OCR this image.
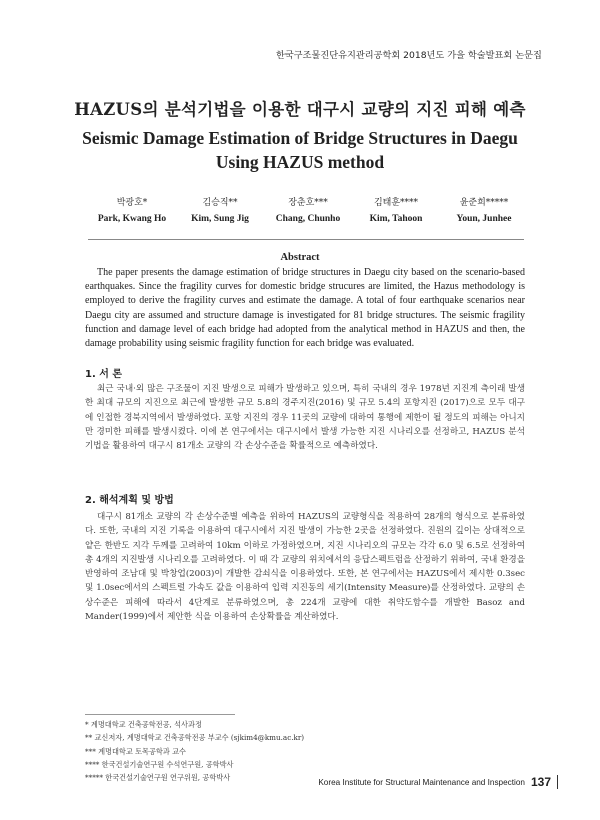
한국구조물진단유지관리공학회 2018년도 가을 학술발표회 논문집
HAZUS의 분석기법을 이용한 대구시 교량의 지진 피해 예측
Seismic Damage Estimation of Bridge Structures in Daegu Using HAZUS method
박광호*
Park, Kwang Ho
김승직**
Kim, Sung Jig
장춘호***
Chang, Chunho
김태훈****
Kim, Tahoon
윤준희*****
Youn, Junhee
Abstract

The paper presents the damage estimation of bridge structures in Daegu city based on the scenario-based earthquakes. Since the fragility curves for domestic bridge strucures are limited, the Hazus methodology is employed to derive the fragility curves and estimate the damage. A total of four earthquake scenarios near Daegu city are assumed and structure damage is investigated for 81 bridge structures. The seismic fragility function and damage level of each bridge had adopted from the analytical method in HAZUS and then, the damage probability using seismic fragility function for each bridge was evaluated.

1. 서 론

최근 국내·외 많은 구조물이 지진 발생으로 피해가 발생하고 있으며, 특히 국내의 경우 1978년 지진계 측이래 발생한 최대 규모의 지진으로 최근에 발생한 규모 5.8의 경주지진(2016) 및 규모 5.4의 포항지진 (2017)으로 모두 대구에 인접한 경북지역에서 발생하였다. 포항 지진의 경우 11곳의 교량에 대하여 통행에 제한이 될 정도의 피해는 아니지만 경미한 피해를 발생시켰다. 이에 본 연구에서는 대구시에서 발생 가능한 지진 시나리오를 선정하고, HAZUS 분석 기법을 활용하여 대구시 81개소 교량의 각 손상수준을 확률적으로 예측하였다.

2. 해석계획 및 방법

대구시 81개소 교량의 각 손상수준별 예측을 위하여 HAZUS의 교량형식을 적용하여 28개의 형식으로 분류하였다. 또한, 국내의 지진 기록을 이용하여 대구시에서 지진 발생이 가능한 2곳을 선정하였다. 진원의 깊이는 상대적으로 얕은 한반도 지각 두께를 고려하여 10km 이하로 가정하였으며, 지진 시나리오의 규모는 각각 6.0 및 6.5로 선정하여 총 4개의 지진발생 시나리오를 고려하였다. 이 때 각 교량의 위치에서의 응답스펙트럼을 산정하기 위하여, 국내 환경을 반영하여 조남대 및 박창업(2003)이 개발한 감쇠식을 이용하였다. 또한, 본 연구에서는 HAZUS에서 제시한 0.3sec 및 1.0sec에서의 스펙트럴 가속도 값을 이용하여 입력 지진동의 세기(Intensity Measure)를 산정하였다. 교량의 손상수준은 피해에 따라서 4단계로 분류하였으며, 총 224개 교량에 대한 취약도함수를 개발한 Basoz and Mander(1999)에서 제안한 식을 이용하여 손상확률을 계산하였다.

* 계명대학교 건축공학전공, 석사과정
** 교신저자, 계명대학교 건축공학전공 부교수 (sjkim4@kmu.ac.kr)
*** 계명대학교 토목공학과 교수
**** 한국건설기술연구원 수석연구원, 공학박사
***** 한국건설기술연구원 연구위원, 공학박사	Korea Institute for Structural Maintenance and Inspection 137
